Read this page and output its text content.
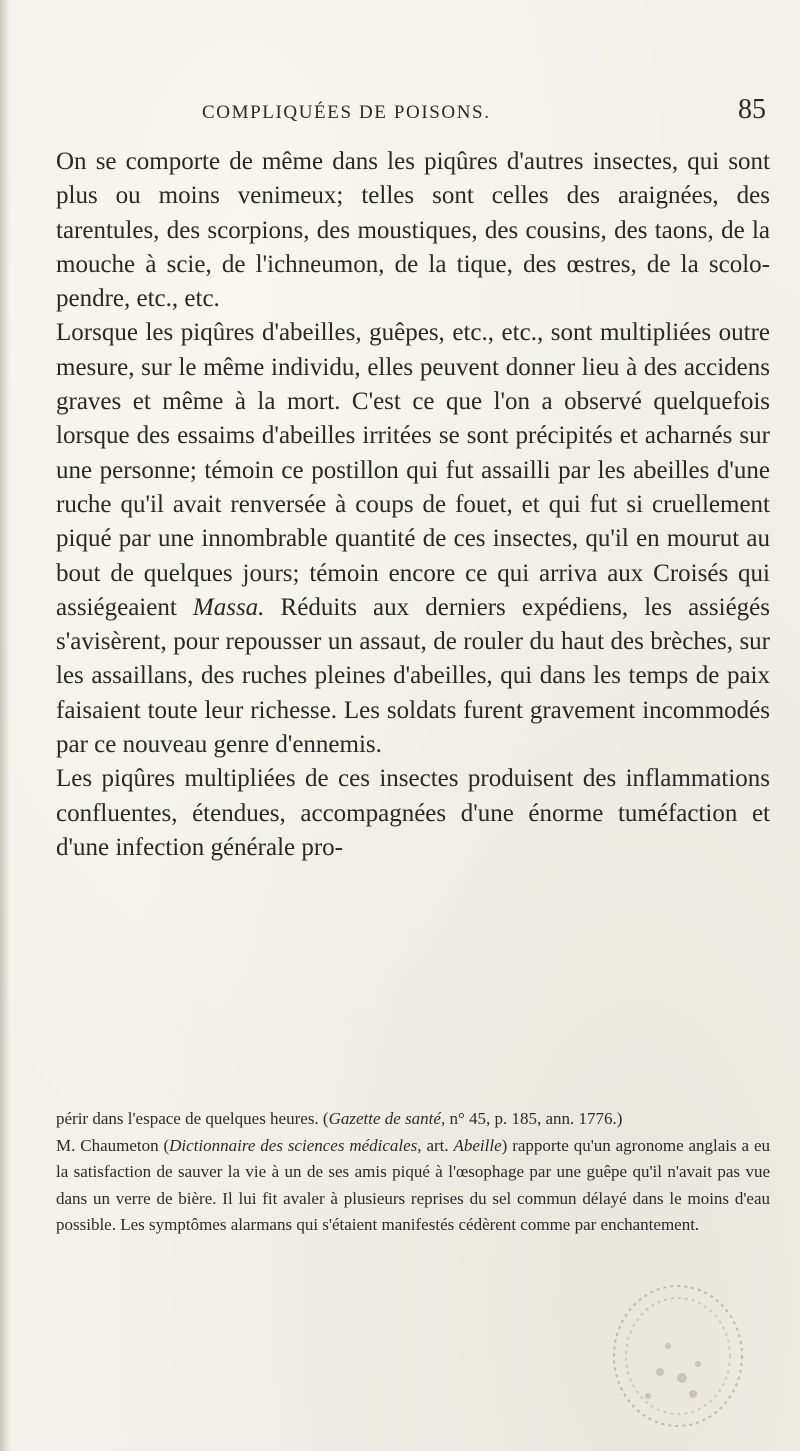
COMPLIQUÉES DE POISONS.	85

On se comporte de même dans les piqûres d'autres insectes, qui sont plus ou moins venimeux; telles sont celles des araignées, des tarentules, des scorpions, des moustiques, des cousins, des taons, de la mouche à scie, de l'ichneumon, de la tique, des œstres, de la scolo- pendre, etc., etc.

Lorsque les piqûres d'abeilles, guêpes, etc., etc., sont multipliées outre mesure, sur le même individu, elles peuvent donner lieu à des accidens graves et même à la mort. C'est ce que l'on a observé quelquefois lorsque des essaims d'abeilles irritées se sont précipités et acharnés sur une personne; témoin ce postillon qui fut assailli par les abeilles d'une ruche qu'il avait renversée à coups de fouet, et qui fut si cruellement piqué par une innombrable quantité de ces insectes, qu'il en mourut au bout de quelques jours; témoin encore ce qui arriva aux Croisés qui assiégeaient Massa. Réduits aux derniers expédiens, les assiégés s'avisèrent, pour repousser un assaut, de rouler du haut des brèches, sur les assaillans, des ruches pleines d'abeilles, qui dans les temps de paix faisaient toute leur richesse. Les soldats furent gravement incommodés par ce nouveau genre d'ennemis.

Les piqûres multipliées de ces insectes produisent des inflammations confluentes, étendues, accompagnées d'une énorme tuméfaction et d'une infection générale pro-

périr dans l'espace de quelques heures. (Gazette de santé, n° 45, p. 185, ann. 1776.)

M. Chaumeton (Dictionnaire des sciences médicales, art. Abeille) rapporte qu'un agronome anglais a eu la satisfaction de sauver la vie à un de ses amis piqué à l'œsophage par une guêpe qu'il n'avait pas vue dans un verre de bière. Il lui fit avaler à plusieurs reprises du sel commun délayé dans le moins d'eau possible. Les symptômes alarmans qui s'étaient manifestés cédèrent comme par enchantement.
